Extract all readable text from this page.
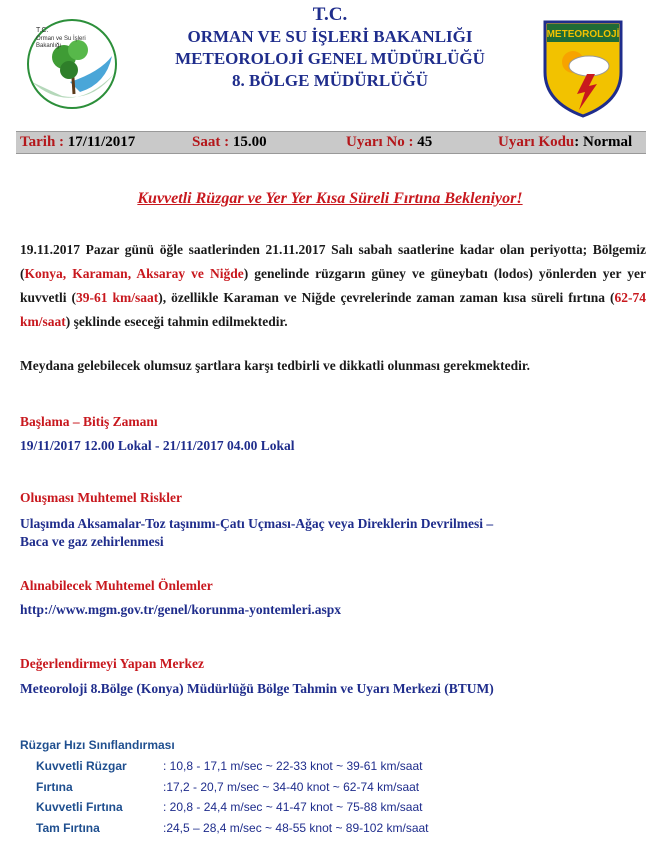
T.C.
Orman ve Su İşleri
Bakanlığı
T.C.
ORMAN VE SU İŞLERİ BAKANLIĞI
METEOROLOJİ GENEL MÜDÜRLÜĞÜ
8. BÖLGE MÜDÜRLÜĞÜ
METEOROLOJİ
Tarih : 17/11/2017	Saat : 15.00	Uyarı No : 45	Uyarı Kodu: Normal
Kuvvetli Rüzgar ve Yer Yer Kısa Süreli Fırtına Bekleniyor!
19.11.2017 Pazar günü öğle saatlerinden 21.11.2017 Salı sabah saatlerine kadar olan periyotta; Bölgemiz (Konya, Karaman, Aksaray ve Niğde) genelinde rüzgarın güney ve güneybatı (lodos) yönlerden yer yer kuvvetli (39-61 km/saat), özellikle Karaman ve Niğde çevrelerinde zaman zaman kısa süreli fırtına (62-74 km/saat) şeklinde eseceği tahmin edilmektedir.
Meydana gelebilecek olumsuz şartlara karşı tedbirli ve dikkatli olunması gerekmektedir.
Başlama – Bitiş Zamanı
19/11/2017 12.00 Lokal - 21/11/2017 04.00 Lokal
Oluşması Muhtemel Riskler
Ulaşımda Aksamalar-Toz taşınımı-Çatı Uçması-Ağaç veya Direklerin Devrilmesi –
Baca ve gaz zehirlenmesi
Alınabilecek Muhtemel Önlemler
http://www.mgm.gov.tr/genel/korunma-yontemleri.aspx
Değerlendirmeyi Yapan Merkez
Meteoroloji 8.Bölge (Konya) Müdürlüğü Bölge Tahmin ve Uyarı Merkezi (BTUM)
Rüzgar Hızı Sınıflandırması
Kuvvetli Rüzgar	: 10,8 - 17,1 m/sec ~ 22-33 knot ~ 39-61 km/saat
Fırtına	:17,2 - 20,7 m/sec ~ 34-40 knot ~ 62-74 km/saat
Kuvvetli Fırtına	: 20,8 - 24,4 m/sec ~ 41-47 knot ~ 75-88 km/saat
Tam Fırtına	:24,5 – 28,4 m/sec ~ 48-55 knot ~ 89-102 km/saat
